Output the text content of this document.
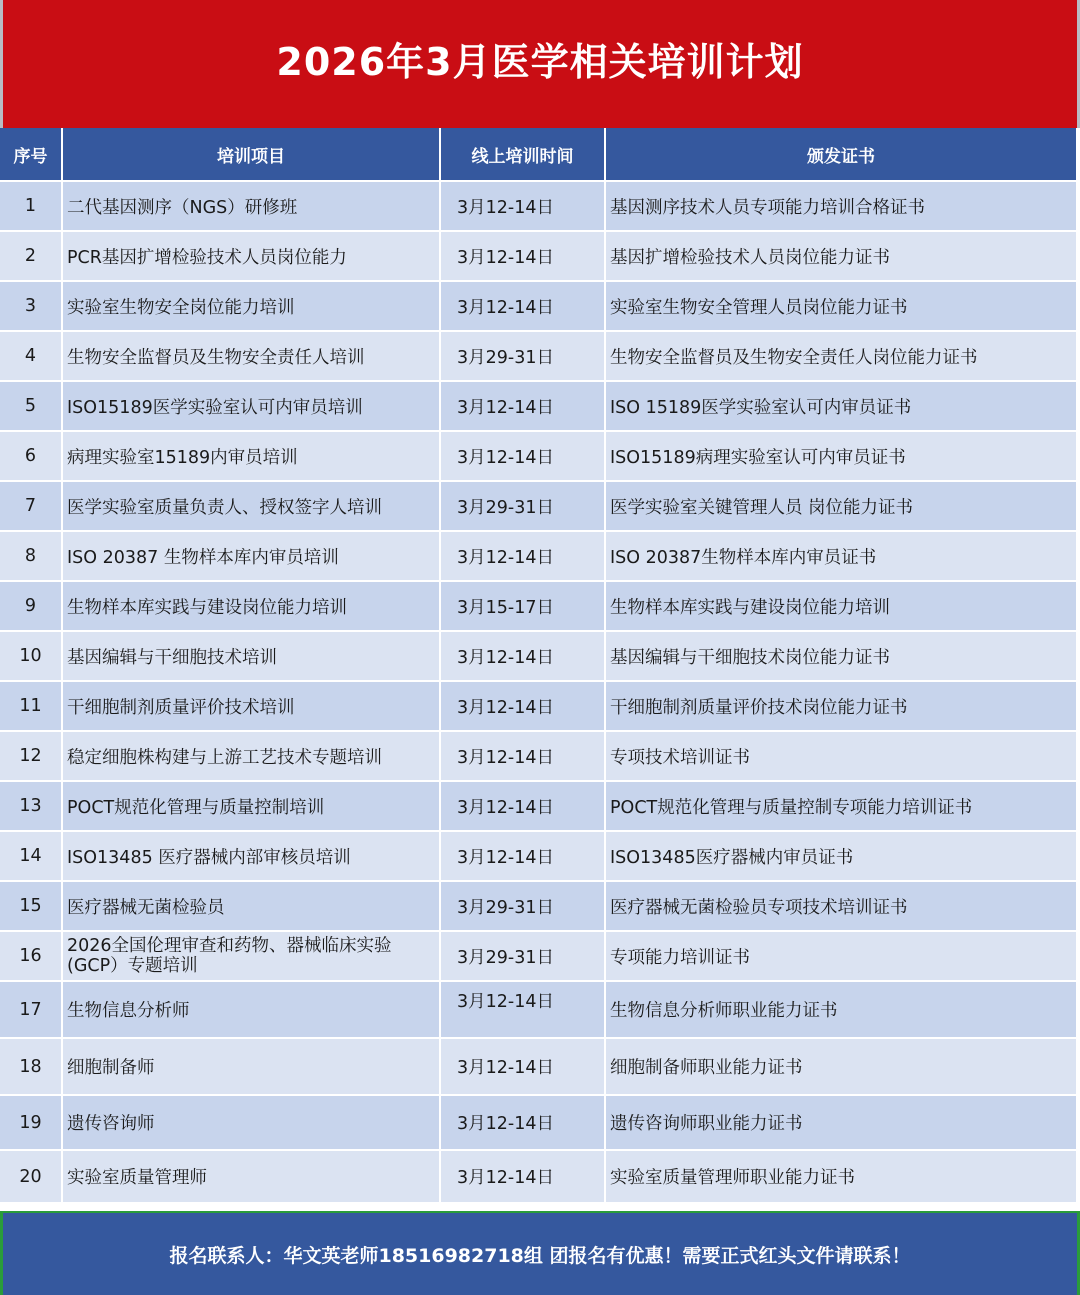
2026年3月医学相关培训计划
序号	培训项目	线上培训时间	颁发证书
1	二代基因测序（NGS）研修班	3月12-14日	基因测序技术人员专项能力培训合格证书
2	PCR基因扩增检验技术人员岗位能力	3月12-14日	基因扩增检验技术人员岗位能力证书
3	实验室生物安全岗位能力培训	3月12-14日	实验室生物安全管理人员岗位能力证书
4	生物安全监督员及生物安全责任人培训	3月29-31日	生物安全监督员及生物安全责任人岗位能力证书
5	ISO15189医学实验室认可内审员培训	3月12-14日	ISO 15189医学实验室认可内审员证书
6	病理实验室15189内审员培训	3月12-14日	ISO15189病理实验室认可内审员证书
7	医学实验室质量负责人、授权签字人培训	3月29-31日	医学实验室关键管理人员 岗位能力证书
8	ISO 20387 生物样本库内审员培训	3月12-14日	ISO 20387生物样本库内审员证书
9	生物样本库实践与建设岗位能力培训	3月15-17日	生物样本库实践与建设岗位能力培训
10	基因编辑与干细胞技术培训	3月12-14日	基因编辑与干细胞技术岗位能力证书
11	干细胞制剂质量评价技术培训	3月12-14日	干细胞制剂质量评价技术岗位能力证书
12	稳定细胞株构建与上游工艺技术专题培训	3月12-14日	专项技术培训证书
13	POCT规范化管理与质量控制培训	3月12-14日	POCT规范化管理与质量控制专项能力培训证书
14	ISO13485 医疗器械内部审核员培训	3月12-14日	ISO13485医疗器械内审员证书
15	医疗器械无菌检验员	3月29-31日	医疗器械无菌检验员专项技术培训证书
16	2026全国伦理审查和药物、器械临床实验(GCP）专题培训	3月29-31日	专项能力培训证书
17	生物信息分析师	3月12-14日	生物信息分析师职业能力证书
18	细胞制备师	3月12-14日	细胞制备师职业能力证书
19	遗传咨询师	3月12-14日	遗传咨询师职业能力证书
20	实验室质量管理师	3月12-14日	实验室质量管理师职业能力证书
报名联系人：华文英老师18516982718组 团报名有优惠！需要正式红头文件请联系！
